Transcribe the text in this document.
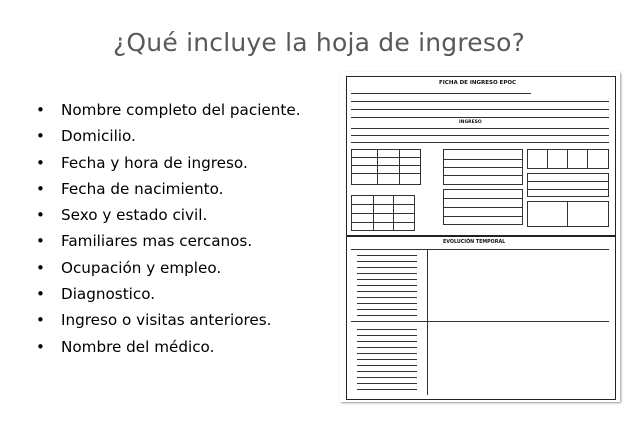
¿Qué incluye la hoja de ingreso?
• Nombre completo del paciente.
• Domicilio.
• Fecha y hora de ingreso.
• Fecha de nacimiento.
• Sexo y estado civil.
• Familiares mas cercanos.
• Ocupación y empleo.
• Diagnostico.
• Ingreso o visitas anteriores.
• Nombre del médico.
FICHA DE INGRESO EPOC
INGRESO
EVOLUCIÓN TEMPORAL
